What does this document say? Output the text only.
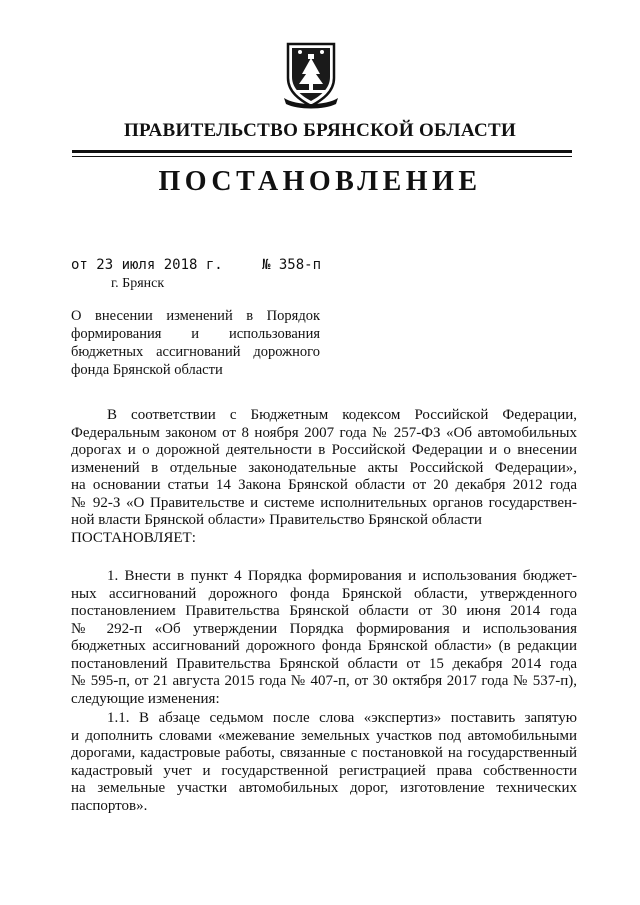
ПРАВИТЕЛЬСТВО БРЯНСКОЙ ОБЛАСТИ
ПОСТАНОВЛЕНИЕ
от 23 июля 2018 г.	№ 358-п
г. Брянск
О внесении изменений в Порядок
формирования и использования
бюджетных ассигнований дорожного
фонда Брянской области
В соответствии с Бюджетным кодексом Российской Федерации,
Федеральным законом от 8 ноября 2007 года № 257-ФЗ «Об автомобильных
дорогах и о дорожной деятельности в Российской Федерации и о внесении
изменений в отдельные законодательные акты Российской Федерации»,
на основании статьи 14 Закона Брянской области от 20 декабря 2012 года
№ 92-З «О Правительстве и системе исполнительных органов государствен-
ной власти Брянской области» Правительство Брянской области
ПОСТАНОВЛЯЕТ:
1. Внести в пункт 4 Порядка формирования и использования бюджет-
ных ассигнований дорожного фонда Брянской области, утвержденного
постановлением Правительства Брянской области от 30 июня 2014 года
№ 292-п «Об утверждении Порядка формирования и использования
бюджетных ассигнований дорожного фонда Брянской области» (в редакции
постановлений Правительства Брянской области от 15 декабря 2014 года
№ 595-п, от 21 августа 2015 года № 407-п, от 30 октября 2017 года № 537-п),
следующие изменения:
1.1. В абзаце седьмом после слова «экспертиз» поставить запятую
и дополнить словами «межевание земельных участков под автомобильными
дорогами, кадастровые работы, связанные с постановкой на государственный
кадастровый учет и государственной регистрацией права собственности
на земельные участки автомобильных дорог, изготовление технических
паспортов».
